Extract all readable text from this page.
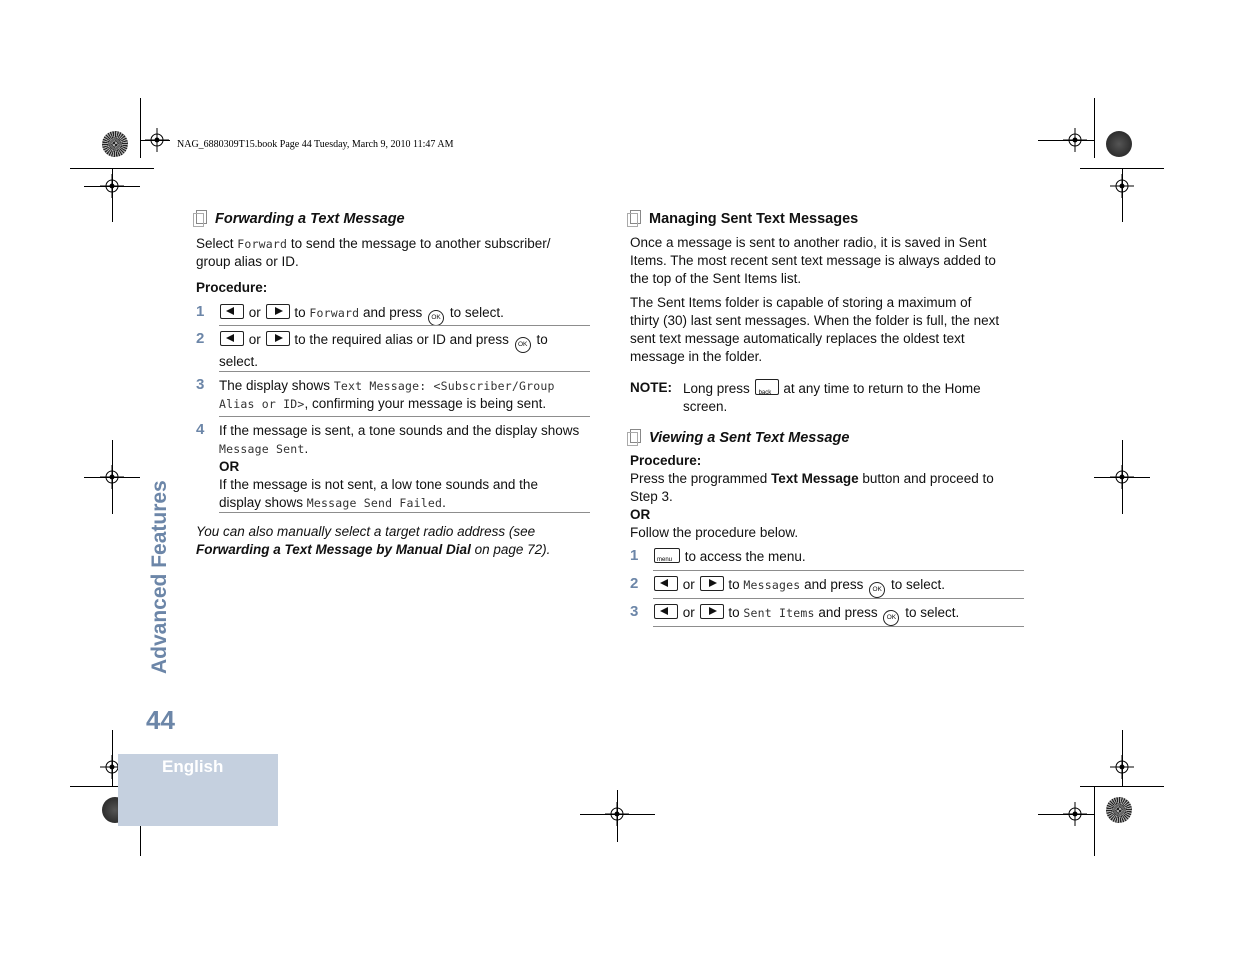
NAG_6880309T15.book Page 44 Tuesday, March 9, 2010 11:47 AM
English
44
Advanced Features
Forwarding a Text Message
Select Forward to send the message to another subscriber/
group alias or ID.
Procedure:
1	or to Forward and press OK to select.
2	or to the required alias or ID and press OK to
select.
3 The display shows Text Message: <Subscriber/Group
Alias or ID>, confirming your message is being sent.
4 If the message is sent, a tone sounds and the display shows
Message Sent.
OR
If the message is not sent, a low tone sounds and the
display shows Message Send Failed.
You can also manually select a target radio address (see
Forwarding a Text Message by Manual Dial on page 72).
Managing Sent Text Messages
Once a message is sent to another radio, it is saved in Sent
Items. The most recent sent text message is always added to
the top of the Sent Items list.
The Sent Items folder is capable of storing a maximum of
thirty (30) last sent messages. When the folder is full, the next
sent text message automatically replaces the oldest text
message in the folder.
NOTE: Long press back at any time to return to the Home
screen.
Viewing a Sent Text Message
Procedure:
Press the programmed Text Message button and proceed to
Step 3.
OR
Follow the procedure below.
1 menu	to access the menu.
2	or to Messages and press OK to select.
3	or to Sent Items and press OK to select.
